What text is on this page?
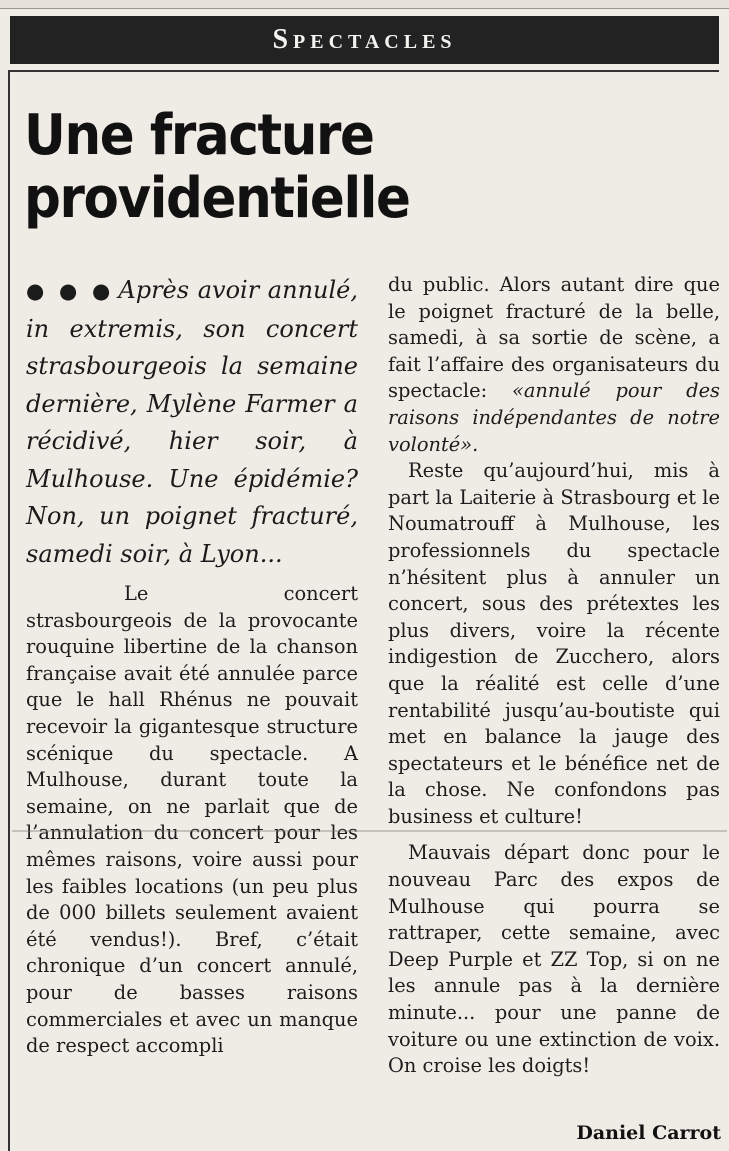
Spectacles
Une fracture providentielle

● ● ● Après avoir annulé, in extremis, son concert strasbourgeois la semaine dernière, Mylène Farmer a récidivé, hier soir, à Mulhouse. Une épidémie? Non, un poignet fracturé, samedi soir, à Lyon...

Le concert strasbourgeois de la provocante rouquine libertine de la chanson française avait été annulée parce que le hall Rhénus ne pouvait recevoir la gigantesque structure scénique du spectacle. A Mulhouse, durant toute la semaine, on ne parlait que de l’annulation du concert pour les mêmes raisons, voire aussi pour les faibles locations (un peu plus de 000 billets seulement avaient été vendus!). Bref, c’était chronique d’un concert annulé, pour de basses raisons commerciales et avec un manque de respect accompli

du public. Alors autant dire que le poignet fracturé de la belle, samedi, à sa sortie de scène, a fait l’affaire des organisateurs du spectacle: «annulé pour des raisons indépendantes de notre volonté».

Reste qu’aujourd’hui, mis à part la Laiterie à Strasbourg et le Noumatrouff à Mulhouse, les professionnels du spectacle n’hésitent plus à annuler un concert, sous des prétextes les plus divers, voire la récente indigestion de Zucchero, alors que la réalité est celle d’une rentabilité jusqu’au-boutiste qui met en balance la jauge des spectateurs et le bénéfice net de la chose. Ne confondons pas business et culture!

Mauvais départ donc pour le nouveau Parc des expos de Mulhouse qui pourra se rattraper, cette semaine, avec Deep Purple et ZZ Top, si on ne les annule pas à la dernière minute... pour une panne de voiture ou une extinction de voix. On croise les doigts!

Daniel Carrot
